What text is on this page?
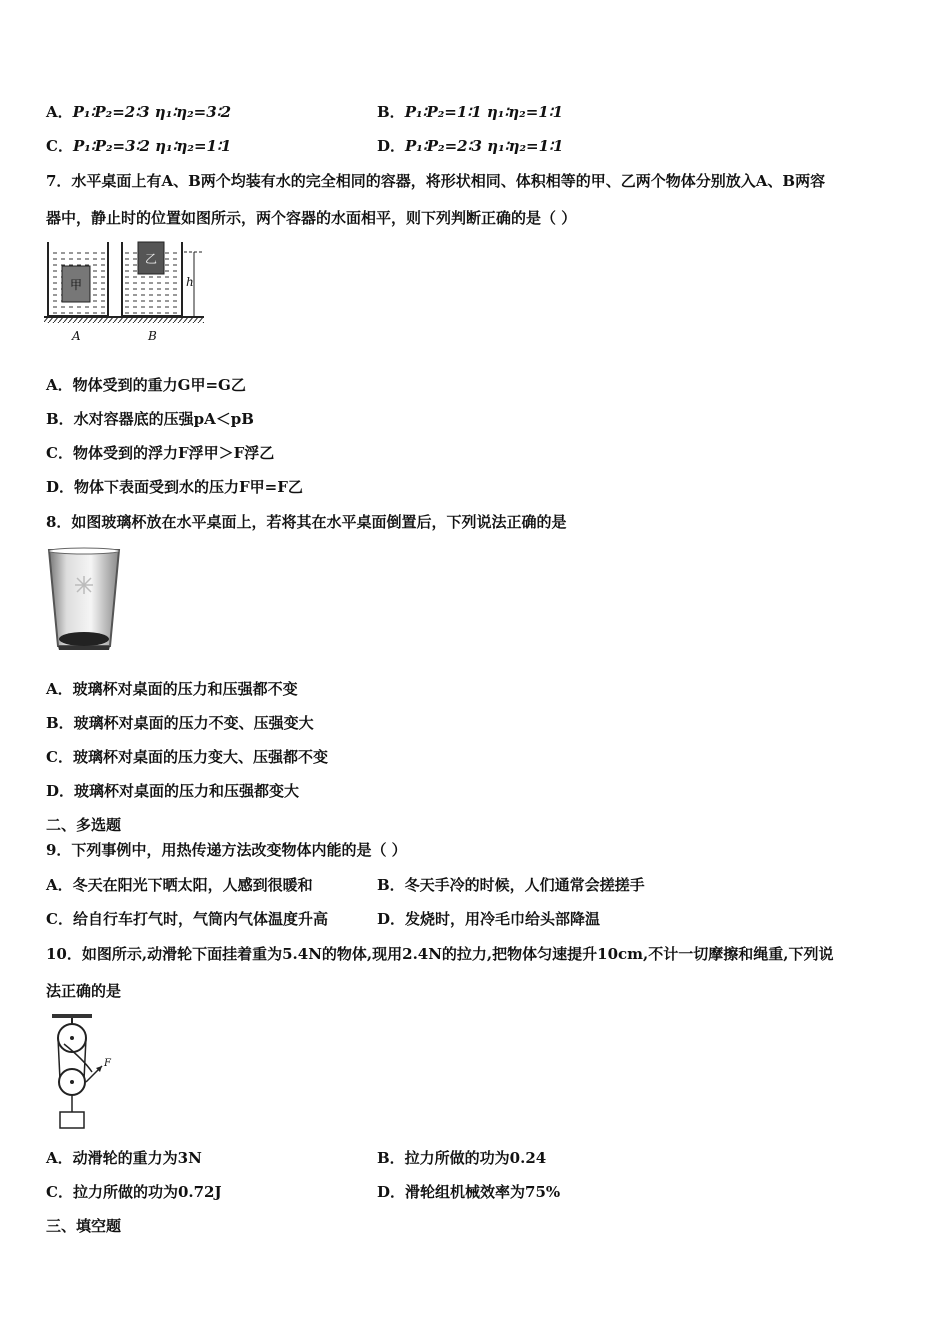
A．P₁∶P₂=2∶3 η₁∶η₂=3∶2	B．P₁∶P₂=1∶1 η₁∶η₂=1∶1
C．P₁∶P₂=3∶2 η₁∶η₂=1∶1	D．P₁∶P₂=2∶3 η₁∶η₂=1∶1
7．水平桌面上有A、B两个均装有水的完全相同的容器，将形状相同、体积相等的甲、乙两个物体分别放入A、B两容
器中，静止时的位置如图所示，两个容器的水面相平，则下列判断正确的是（ ）
甲
乙
h
A	B
A．物体受到的重力G甲=G乙
B．水对容器底的压强pA＜pB
C．物体受到的浮力F浮甲＞F浮乙
D．物体下表面受到水的压力F甲=F乙
8．如图玻璃杯放在水平桌面上，若将其在水平桌面倒置后，下列说法正确的是
A．玻璃杯对桌面的压力和压强都不变
B．玻璃杯对桌面的压力不变、压强变大
C．玻璃杯对桌面的压力变大、压强都不变
D．玻璃杯对桌面的压力和压强都变大
二、多选题
9．下列事例中，用热传递方法改变物体内能的是（ ）
A．冬天在阳光下晒太阳，人感到很暖和	B．冬天手冷的时候，人们通常会搓搓手
C．给自行车打气时，气筒内气体温度升高	D．发烧时，用冷毛巾给头部降温
10．如图所示,动滑轮下面挂着重为5.4N的物体,现用2.4N的拉力,把物体匀速提升10cm,不计一切摩擦和绳重,下列说
法正确的是
F
A．动滑轮的重力为3N	B．拉力所做的功为0.24
C．拉力所做的功为0.72J	D．滑轮组机械效率为75%
三、填空题
